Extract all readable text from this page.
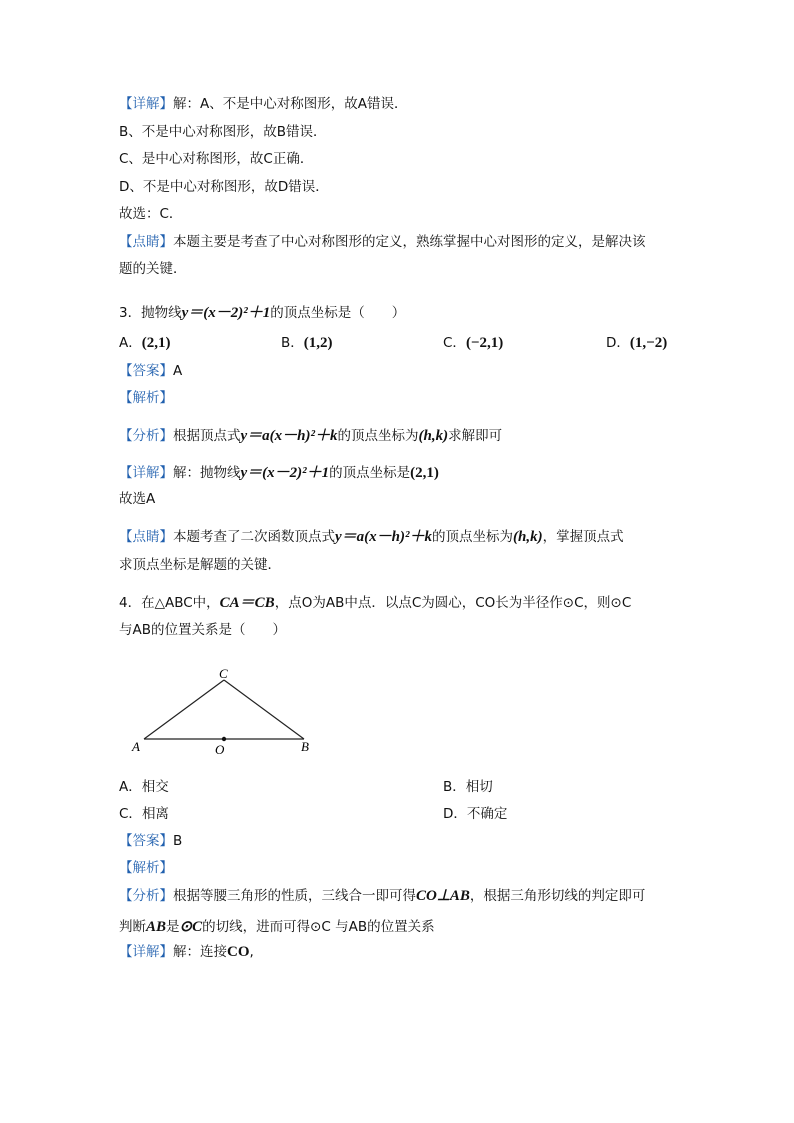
【详解】解：A、不是中心对称图形，故A错误．
B、不是中心对称图形，故B错误．
C、是中心对称图形，故C正确．
D、不是中心对称图形，故D错误．
故选：C．
【点睛】本题主要是考查了中心对称图形的定义，熟练掌握中心对图形的定义，是解决该
题的关键．
3．抛物线y＝(x－2)²＋1的顶点坐标是（　　）
A．(2,1)	B．(1,2)	C．(−2,1)	D．(1,−2)
【答案】A
【解析】
【分析】根据顶点式y＝a(x－h)²＋k的顶点坐标为(h,k)求解即可
【详解】解：抛物线y＝(x－2)²＋1的顶点坐标是(2,1)
故选A
【点睛】本题考查了二次函数顶点式y＝a(x－h)²＋k的顶点坐标为(h,k)，掌握顶点式
求顶点坐标是解题的关键．
4．在△ABC中，CA＝CB，点O为AB中点．以点C为圆心，CO长为半径作⊙C，则⊙C
与AB的位置关系是（　　）
C
A	O	B
A．相交	B．相切
C．相离	D．不确定
【答案】B
【解析】
【分析】根据等腰三角形的性质，三线合一即可得CO⊥AB，根据三角形切线的判定即可
判断AB是⊙C的切线，进而可得⊙C 与AB的位置关系
【详解】解：连接CO,
